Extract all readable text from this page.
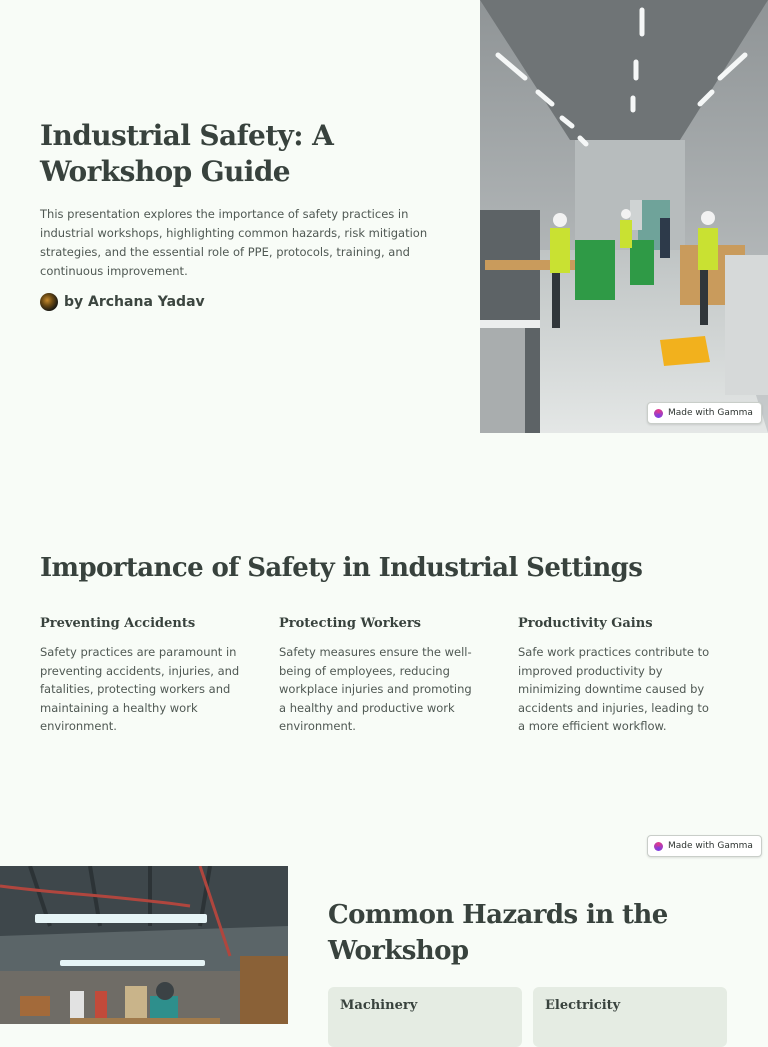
Industrial Safety: A Workshop Guide

This presentation explores the importance of safety practices in industrial workshops, highlighting common hazards, risk mitigation strategies, and the essential role of PPE, protocols, training, and continuous improvement.

by Archana Yadav
Made with Gamma
Importance of Safety in Industrial Settings
Preventing Accidents

Safety practices are paramount in preventing accidents, injuries, and fatalities, protecting workers and maintaining a healthy work environment.

Protecting Workers

Safety measures ensure the well-being of employees, reducing workplace injuries and promoting a healthy and productive work environment.

Productivity Gains

Safe work practices contribute to improved productivity by minimizing downtime caused by accidents and injuries, leading to a more efficient workflow.

Made with Gamma
Common Hazards in the Workshop
Machinery	Electricity
